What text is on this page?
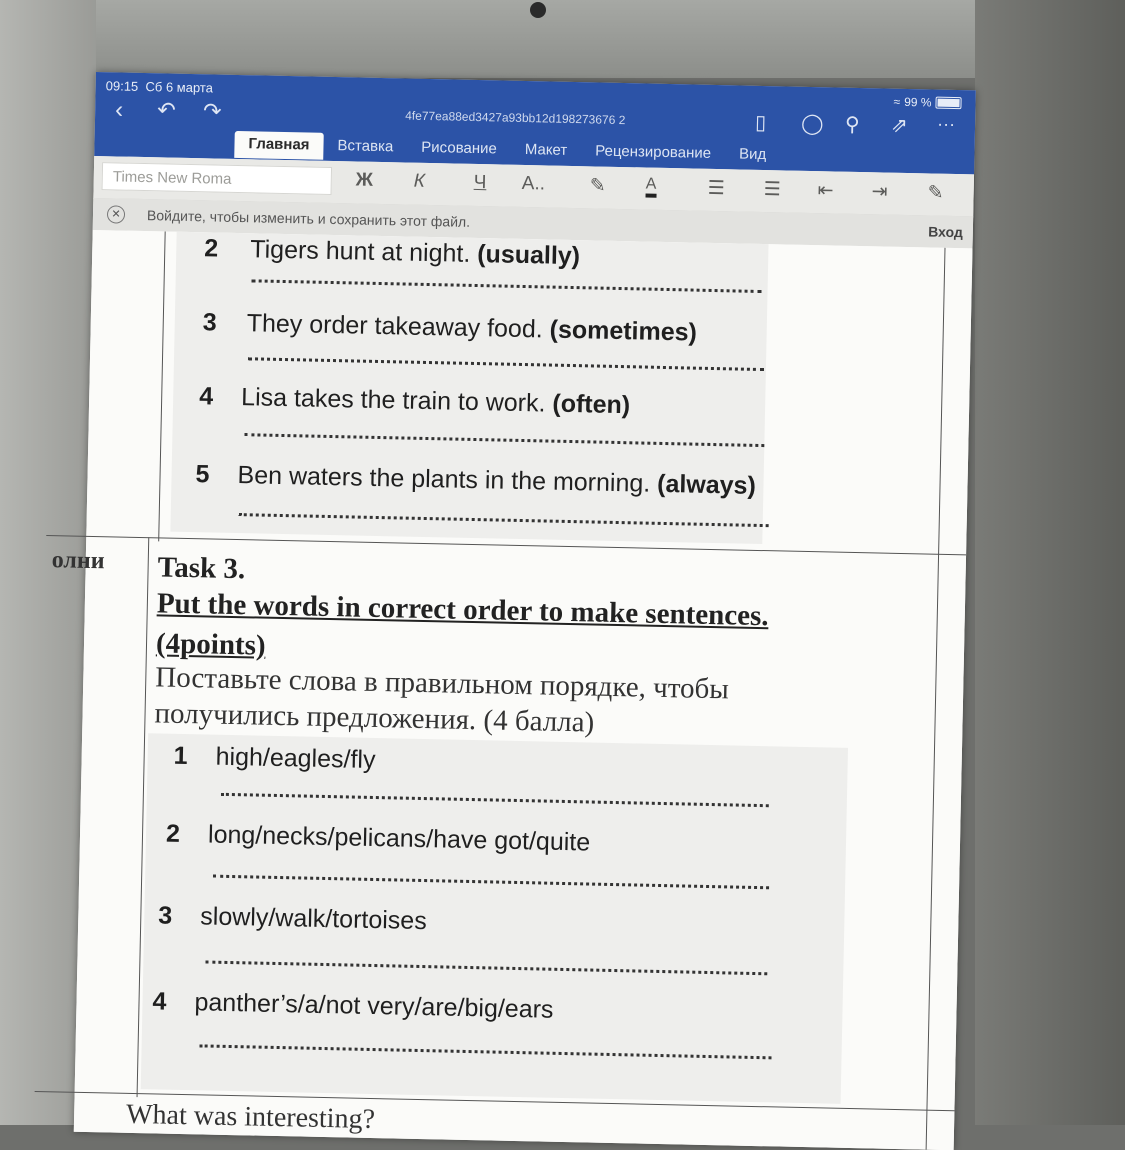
09:15 Сб 6 марта
≈ 99 %
‹ ↶ ↷	4fe77ea88ed3427a93bb12d198273676 2	▯ ◯ ⚲ ⇗ ···
Главная	Вставка	Рисование	Макет	Рецензирование	Вид
Times New Roma	Ж К	Ч A.. ✎ A	☰ ☰ ⇤ ⇥ ✎
✕	Войдите, чтобы изменить и сохранить этот файл.
Вход
2 Tigers hunt at night. (usually)
3 They order takeaway food. (sometimes)
4 Lisa takes the train to work. (often)
5 Ben waters the plants in the morning. (always)
олни Task 3.
Put the words in correct order to make sentences. (4points)
Поставьте слова в правильном порядке, чтобы получились предложения. (4 балла)
1 high/eagles/fly
2 long/necks/pelicans/have got/quite
3 slowly/walk/tortoises
4 panther’s/a/not very/are/big/ears
What was interesting?
